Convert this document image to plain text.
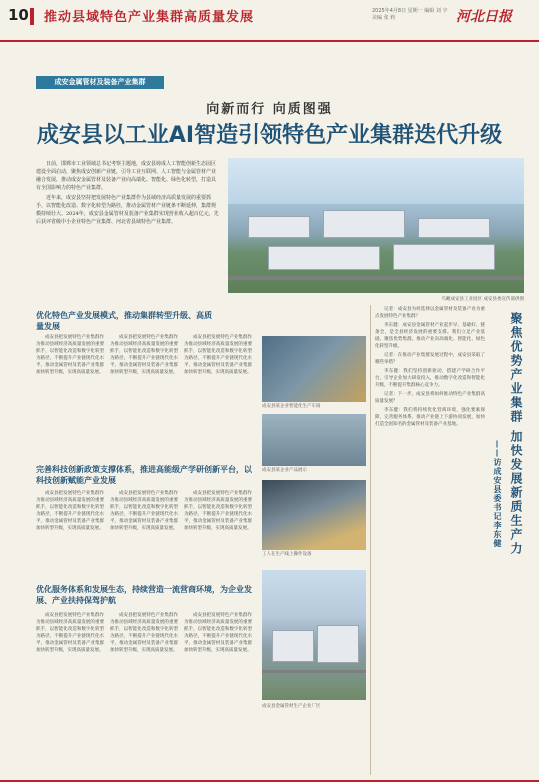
10 推动县域特色产业集群高质量发展	2025年4月8日 星期一 编辑 刘 宇 美编 张 莉	河北日报
成安金属管材及装备产业集群
向新而行 向质图强
成安县以工业AI智造引领特色产业集群迭代升级

日前，邯郸市工业领域总书记考察主题地，成安县铸成人工智能创新生态园区建设全面启动，聚焦成安创新产业链，引导工业互联网、人工智能与金属管材产业融合发展，推动成安金属管材及装备产业向高端化、智能化、绿色化转型，打造具有全国影响力的特色产业集群。

近年来，成安县坚持把发展特色产业集群作为县域经济高质量发展的重要抓手，以智能化改造、数字化转型为路径，推动金属管材产业链条不断延伸，集群规模持续壮大。2024年，成安县金属管材及装备产业集群实现营业收入超百亿元，先后获评省级中小企业特色产业集群、河北省县域特色产业集群。

鸟瞰成安县工业园区 成安县委宣传部供图
优化特色产业发展模式，推动集群转型升级、高质量发展
成安县把发展特色产业集群作为推动县域经济高质量发展的重要抓手，以智能化改造和数字化转型为路径，不断提升产业链现代化水平，推动金属管材及装备产业集群加快转型升级，实现高质量发展。
成安县把发展特色产业集群作为推动县域经济高质量发展的重要抓手，以智能化改造和数字化转型为路径，不断提升产业链现代化水平，推动金属管材及装备产业集群加快转型升级，实现高质量发展。
成安县把发展特色产业集群作为推动县域经济高质量发展的重要抓手，以智能化改造和数字化转型为路径，不断提升产业链现代化水平，推动金属管材及装备产业集群加快转型升级，实现高质量发展。
成安县某企业智能化生产车间
成安县某企业产品展示
完善科技创新政策支撑体系，推进高能级产学研创新平台，以科技创新赋能产业发展
成安县把发展特色产业集群作为推动县域经济高质量发展的重要抓手，以智能化改造和数字化转型为路径，不断提升产业链现代化水平，推动金属管材及装备产业集群加快转型升级，实现高质量发展。
成安县把发展特色产业集群作为推动县域经济高质量发展的重要抓手，以智能化改造和数字化转型为路径，不断提升产业链现代化水平，推动金属管材及装备产业集群加快转型升级，实现高质量发展。
成安县把发展特色产业集群作为推动县域经济高质量发展的重要抓手，以智能化改造和数字化转型为路径，不断提升产业链现代化水平，推动金属管材及装备产业集群加快转型升级，实现高质量发展。
工人在生产线上操作设备
优化服务体系和发展生态，持续营造一流营商环境，为企业发展、产业扶持保驾护航
成安县把发展特色产业集群作为推动县域经济高质量发展的重要抓手，以智能化改造和数字化转型为路径，不断提升产业链现代化水平，推动金属管材及装备产业集群加快转型升级，实现高质量发展。
成安县把发展特色产业集群作为推动县域经济高质量发展的重要抓手，以智能化改造和数字化转型为路径，不断提升产业链现代化水平，推动金属管材及装备产业集群加快转型升级，实现高质量发展。
成安县把发展特色产业集群作为推动县域经济高质量发展的重要抓手，以智能化改造和数字化转型为路径，不断提升产业链现代化水平，推动金属管材及装备产业集群加快转型升级，实现高质量发展。
成安县金属管材生产企业厂区

记者：成安县为何选择以金属管材及装备产业为重点发展特色产业集群？

李东健：成安县金属管材产业起步早、基础好、链条全，是全县经济发展的重要支撑。我们立足产业基础，聚焦优势集群，推动产业向高端化、智能化、绿色化转型升级。

记者：在推动产业集群发展过程中，成安县采取了哪些举措？

李东健：我们坚持创新驱动，搭建产学研合作平台，引导企业加大研发投入，推动数字化改造和智能化升级，不断提升集群核心竞争力。

记者：下一步，成安县将如何推动特色产业集群高质量发展？

李东健：我们将持续优化营商环境，强化要素保障，完善服务体系，推动产业链上下游协同发展，加快打造全国知名的金属管材及装备产业基地。	聚焦优势产业集群 加快发展新质生产力
——访成安县委书记李东健
